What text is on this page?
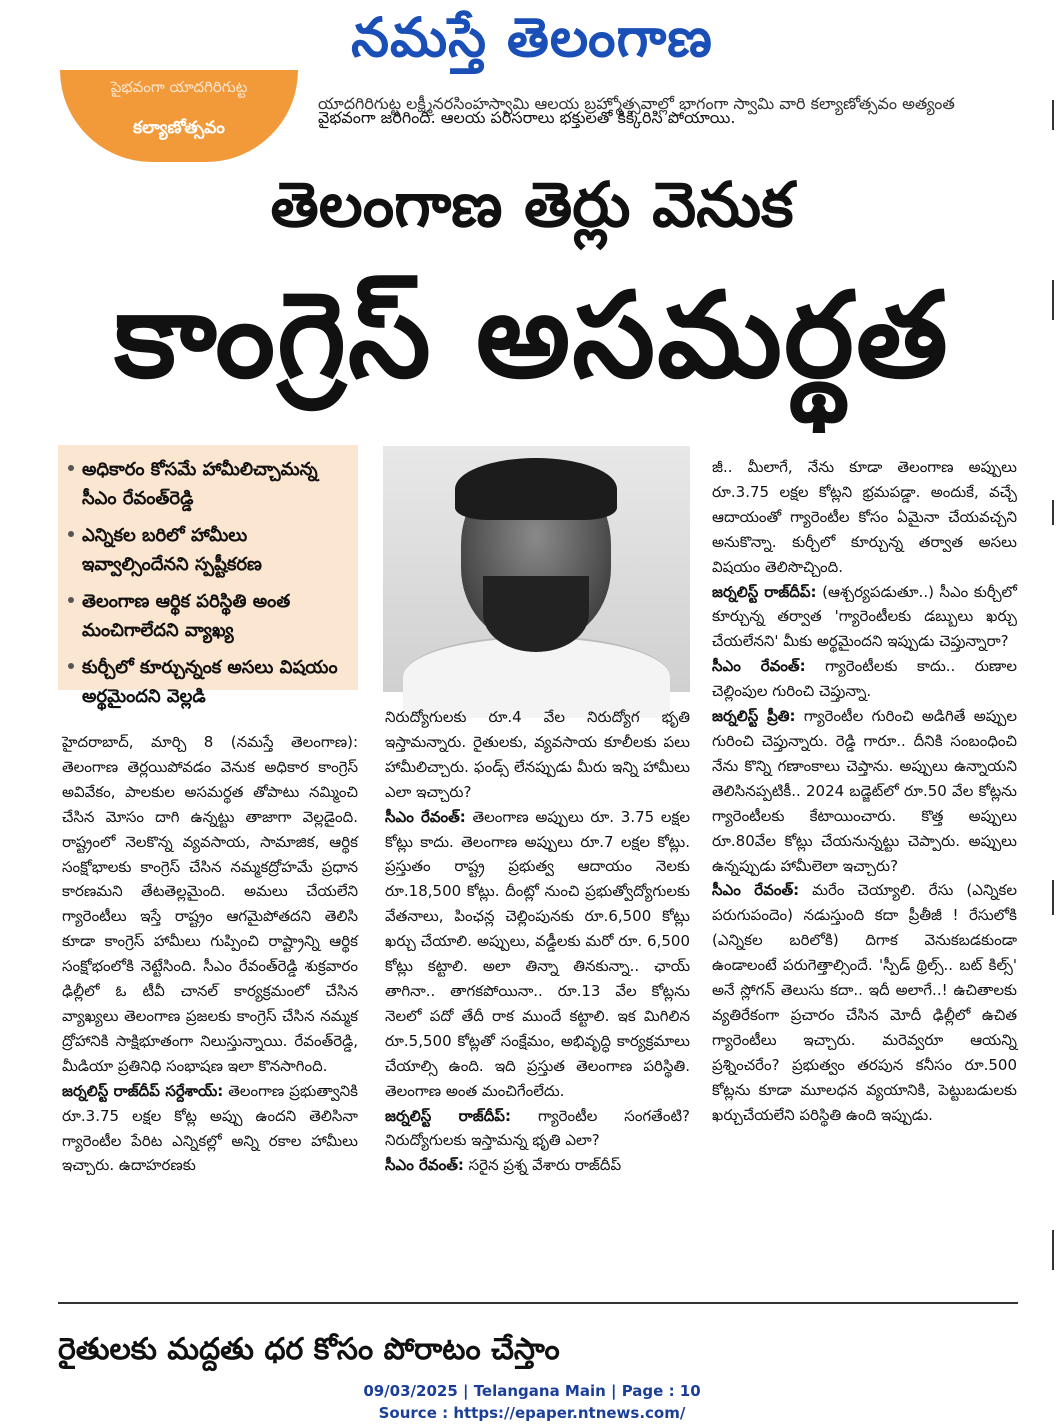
నమస్తే తెలంగాణ
పైభవంగా యాదగిరిగుట్ట
కల్యాణోత్సవం
యాదగిరిగుట్ట లక్ష్మీనరసింహస్వామి ఆలయ బ్రహ్మోత్సవాల్లో భాగంగా స్వామి వారి కల్యాణోత్సవం అత్యంత
వైభవంగా జరిగింది. ఆలయ పరిసరాలు భక్తులతో కిక్కిరిసి పోయాయి.
తెలంగాణ తెర్లు వెనుక
కాంగ్రెస్ అసమర్థత
అధికారం కోసమే హామీలిచ్చామన్న సీఎం రేవంత్‌రెడ్డి
ఎన్నికల బరిలో హామీలు ఇవ్వాల్సిందేనని స్పష్టీకరణ
తెలంగాణ ఆర్థిక పరిస్థితి అంత మంచిగాలేదని వ్యాఖ్య
కుర్చీలో కూర్చున్నంక అసలు విషయం అర్థమైందని వెల్లడి

హైదరాబాద్, మార్చి 8 (నమస్తే తెలంగాణ): తెలంగాణ తెర్లయిపోవడం వెనుక అధికార కాంగ్రెస్ అవివేకం, పాలకుల అసమర్థత తోపాటు నమ్మించి చేసిన మోసం దాగి ఉన్నట్టు తాజాగా వెల్లడైంది. రాష్ట్రంలో నెలకొన్న వ్యవసాయ, సామాజిక, ఆర్థిక సంక్షోభాలకు కాంగ్రెస్ చేసిన నమ్మకద్రోహమే ప్రధాన కారణమని తేటతెల్లమైంది. అమలు చేయలేని గ్యారెంటీలు ఇస్తే రాష్ట్రం ఆగమైపోతదని తెలిసి కూడా కాంగ్రెస్ హామీలు గుప్పించి రాష్ట్రాన్ని ఆర్థిక సంక్షోభంలోకి నెట్టేసింది. సీఎం రేవంత్‌రెడ్డి శుక్రవారం ఢిల్లీలో ఓ టీవీ చానల్ కార్యక్రమంలో చేసిన వ్యాఖ్యలు తెలంగాణ ప్రజలకు కాంగ్రెస్ చేసిన నమ్మక ద్రోహానికి సాక్షిభూతంగా నిలుస్తున్నాయి. రేవంత్‌రెడ్డి, మీడియా ప్రతినిధి సంభాషణ ఇలా కొనసాగింది.

జర్నలిస్ట్ రాజ్‌దీప్ సర్దేశాయ్: తెలంగాణ ప్రభుత్వానికి రూ.3.75 లక్షల కోట్ల అప్పు ఉందని తెలిసినా గ్యారెంటీల పేరిట ఎన్నికల్లో అన్ని రకాల హామీలు ఇచ్చారు. ఉదాహరణకు

నిరుద్యోగులకు రూ.4 వేల నిరుద్యోగ భృతి ఇస్తామన్నారు. రైతులకు, వ్యవసాయ కూలీలకు పలు హామీలిచ్చారు. ఫండ్స్ లేనప్పుడు మీరు ఇన్ని హామీలు ఎలా ఇచ్చారు?

సీఎం రేవంత్: తెలంగాణ అప్పులు రూ. 3.75 లక్షల కోట్లు కాదు. తెలంగాణ అప్పులు రూ.7 లక్షల కోట్లు. ప్రస్తుతం రాష్ట్ర ప్రభుత్వ ఆదాయం నెలకు రూ.18,500 కోట్లు. దీంట్లో నుంచి ప్రభుత్వోద్యోగులకు వేతనాలు, పింఛన్ల చెల్లింపునకు రూ.6,500 కోట్లు ఖర్చు చేయాలి. అప్పులు, వడ్డీలకు మరో రూ. 6,500 కోట్లు కట్టాలి. అలా తిన్నా తినకున్నా.. ఛాయ్ తాగినా.. తాగకపోయినా.. రూ.13 వేల కోట్లను నెలలో పదో తేదీ రాక ముందే కట్టాలి. ఇక మిగిలిన రూ.5,500 కోట్లతో సంక్షేమం, అభివృద్ధి కార్యక్రమాలు చేయాల్సి ఉంది. ఇది ప్రస్తుత తెలంగాణ పరిస్థితి. తెలంగాణ అంత మంచిగేంలేదు.

జర్నలిస్ట్ రాజ్‌దీప్: గ్యారెంటీల సంగతేంటి? నిరుద్యోగులకు ఇస్తామన్న భృతి ఎలా?

సీఎం రేవంత్: సరైన ప్రశ్న వేశారు రాజ్‌దీప్

జీ.. మీలాగే, నేను కూడా తెలంగాణ అప్పులు రూ.3.75 లక్షల కోట్లని భ్రమపడ్డా. అందుకే, వచ్చే ఆదాయంతో గ్యారెంటీల కోసం ఏమైనా చేయవచ్చని అనుకొన్నా. కుర్చీలో కూర్చున్న తర్వాత అసలు విషయం తెలిసొచ్చింది.

జర్నలిస్ట్ రాజ్‌దీప్: (ఆశ్చర్యపడుతూ..) సీఎం కుర్చీలో కూర్చున్న తర్వాత 'గ్యారెంటీలకు డబ్బులు ఖర్చు చేయలేనని' మీకు అర్థమైందని ఇప్పుడు చెప్తున్నారా?

సీఎం రేవంత్: గ్యారెంటీలకు కాదు.. రుణాల చెల్లింపుల గురించి చెప్తున్నా.

జర్నలిస్ట్ ప్రీతి: గ్యారెంటీల గురించి అడిగితే అప్పుల గురించి చెప్తున్నారు. రెడ్డి గారూ.. దీనికి సంబంధించి నేను కొన్ని గణాంకాలు చెప్తాను. అప్పులు ఉన్నాయని తెలిసినప్పటికీ.. 2024 బడ్జెట్‌లో రూ.50 వేల కోట్లను గ్యారెంటీలకు కేటాయించారు. కొత్త అప్పులు రూ.80వేల కోట్లు చేయనున్నట్టు చెప్పారు. అప్పులు ఉన్నప్పుడు హామీలెలా ఇచ్చారు?

సీఎం రేవంత్: మరేం చెయ్యాలి. రేసు (ఎన్నికల పరుగుపందెం) నడుస్తుంది కదా ప్రీతీజీ ! రేసులోకి (ఎన్నికల బరిలోకి) దిగాక వెనుకబడకుండా ఉండాలంటే పరుగెత్తాల్సిందే. 'స్పీడ్ థ్రిల్స్.. బట్ కిల్స్' అనే స్లోగన్ తెలుసు కదా.. ఇదీ అలాగే..! ఉచితాలకు వ్యతిరేకంగా ప్రచారం చేసిన మోదీ ఢిల్లీలో ఉచిత గ్యారెంటీలు ఇచ్చారు. మరెవ్వరూ ఆయన్ని ప్రశ్నించరేం? ప్రభుత్వం తరపున కనీసం రూ.500 కోట్లను కూడా మూలధన వ్యయానికి, పెట్టుబడులకు ఖర్చుచేయలేని పరిస్థితి ఉంది ఇప్పుడు.

రైతులకు మద్దతు ధర కోసం పోరాటం చేస్తాం
09/03/2025 | Telangana Main | Page : 10
Source : https://epaper.ntnews.com/
